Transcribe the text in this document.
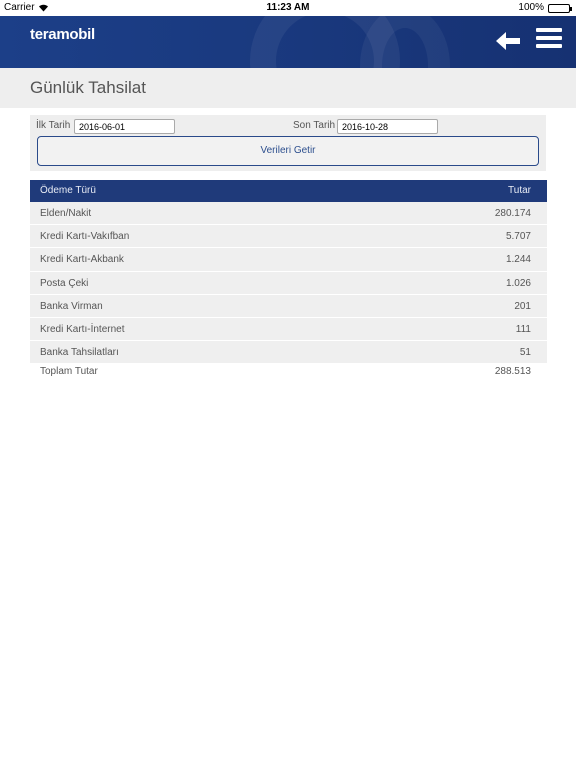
Carrier	11:23 AM	100%
teramobil
Günlük Tahsilat
İlk Tarih
2016-06-01	Son Tarih
2016-10-28
Verileri Getir
Ödeme Türü	Tutar
Elden/Nakit	280.174
Kredi Kartı-Vakıfban	5.707
Kredi Kartı-Akbank	1.244
Posta Çeki	1.026
Banka Virman	201
Kredi Kartı-İnternet	111
Banka Tahsilatları	51
Toplam Tutar	288.513
